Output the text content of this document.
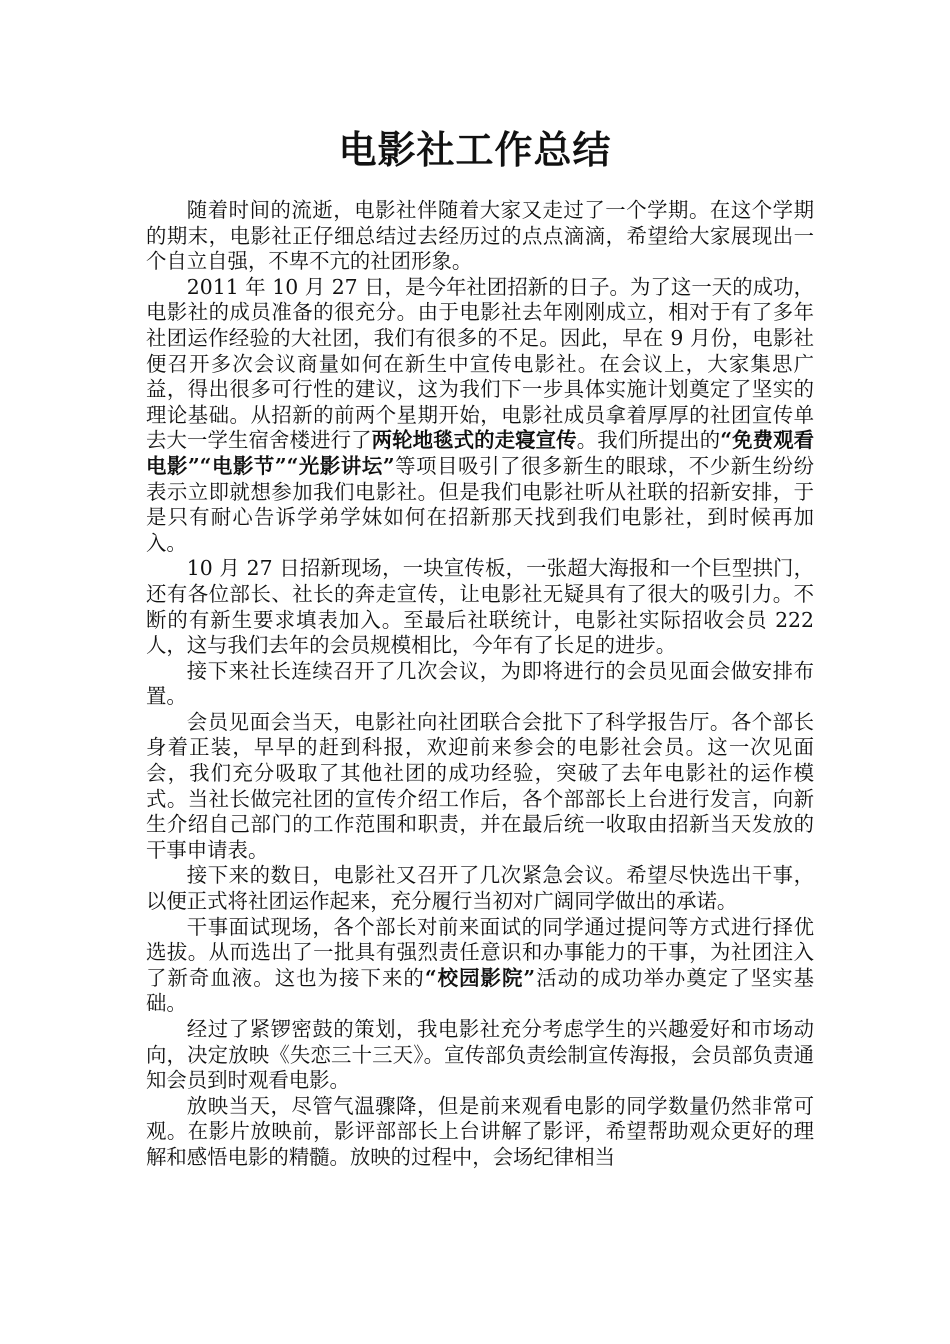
电影社工作总结

随着时间的流逝，电影社伴随着大家又走过了一个学期。在这个学期的期末，电影社正仔细总结过去经历过的点点滴滴，希望给大家展现出一个自立自强，不卑不亢的社团形象。

2011 年 10 月 27 日，是今年社团招新的日子。为了这一天的成功，电影社的成员准备的很充分。由于电影社去年刚刚成立，相对于有了多年社团运作经验的大社团，我们有很多的不足。因此，早在 9 月份，电影社便召开多次会议商量如何在新生中宣传电影社。在会议上，大家集思广益，得出很多可行性的建议，这为我们下一步具体实施计划奠定了坚实的理论基础。从招新的前两个星期开始，电影社成员拿着厚厚的社团宣传单去大一学生宿舍楼进行了两轮地毯式的走寝宣传。我们所提出的“免费观看电影”“电影节”“光影讲坛”等项目吸引了很多新生的眼球，不少新生纷纷表示立即就想参加我们电影社。但是我们电影社听从社联的招新安排，于是只有耐心告诉学弟学妹如何在招新那天找到我们电影社，到时候再加入。

10 月 27 日招新现场，一块宣传板，一张超大海报和一个巨型拱门，还有各位部长、社长的奔走宣传，让电影社无疑具有了很大的吸引力。不断的有新生要求填表加入。至最后社联统计，电影社实际招收会员 222 人，这与我们去年的会员规模相比，今年有了长足的进步。

接下来社长连续召开了几次会议，为即将进行的会员见面会做安排布置。

会员见面会当天，电影社向社团联合会批下了科学报告厅。各个部长身着正装，早早的赶到科报，欢迎前来参会的电影社会员。这一次见面会，我们充分吸取了其他社团的成功经验，突破了去年电影社的运作模式。当社长做完社团的宣传介绍工作后，各个部部长上台进行发言，向新生介绍自己部门的工作范围和职责，并在最后统一收取由招新当天发放的干事申请表。

接下来的数日，电影社又召开了几次紧急会议。希望尽快选出干事，以便正式将社团运作起来，充分履行当初对广阔同学做出的承诺。

干事面试现场，各个部长对前来面试的同学通过提问等方式进行择优选拔。从而选出了一批具有强烈责任意识和办事能力的干事，为社团注入了新奇血液。这也为接下来的“校园影院”活动的成功举办奠定了坚实基础。

经过了紧锣密鼓的策划，我电影社充分考虑学生的兴趣爱好和市场动向，决定放映《失恋三十三天》。宣传部负责绘制宣传海报，会员部负责通知会员到时观看电影。

放映当天，尽管气温骤降，但是前来观看电影的同学数量仍然非常可观。在影片放映前，影评部部长上台讲解了影评，希望帮助观众更好的理解和感悟电影的精髓。放映的过程中，会场纪律相当
